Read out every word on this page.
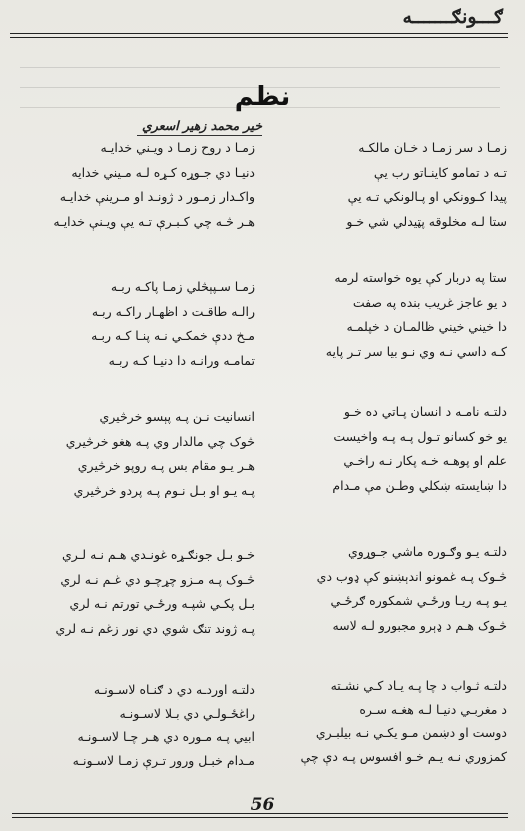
ګـــونګـــــــه
نظم
خیر محمد زهیر اسعري
زمـا د سر زمـا د خـان مالکـه
تـه د تمامو کاينـاتو رب يې
پيدا کـوونکي او پـالونکي تـه يې
ستا لـه مخلوقه پټيدلي شي خـو
ستا په دربار کې يوه خواسته لرمه
د يو عاجز غريب بنده په صفت
دا خيني خيني ظالمـان د خپلمـه
کـه داسي نـه وي نـو بيا سر تـر پايه
دلتـه نامـه د انسان پـاتي ده خـو
يو خو کسانو تـول پـه پـه واخيست
علم او پوهـه خـه پکار نـه راخـي
دا ښايسته ښکلي وطـن مې مـدام
دلتـه يـو وګـوره ماشي جـوړوي
څـوک پـه غمونو اندېښنو کې ډوب دي
يـو پـه ريـا ورځـي شمکوره ګرځـي
څـوک هـم د ډېرو مجبورو لـه لاسه
دلتـه ثـواب د چا پـه يـاد کـي نشـته
د مغربـي دنيـا لـه هغـه سـره
دوست او دښمن مـو يکـي نـه بيلبـري
کمزوري نـه يـم خـو افسوس پـه دې چې
زمـا د روح زمـا د ويـني خدايـه
دنيـا دي جـوړه کـړه لـه مـيني خدايه
واکـدار زمـور د ژونـد او مـرينې خدايـه
هـر څـه چي کـبـرې تـه يې ويـنې خدايـه
زمـا سـپېڅلي زمـا پاکـه ربـه
رالـه طاقـت د اظهـار راکـه ربـه
مـخ ددې خمکـي نـه پنـا کـه ربـه
تمامـه ورانـه دا دنيـا کـه ربـه
انسانيت نـن پـه پېسو خرڅيري
څوک چي مالدار وي پـه هغو خرڅيري
هـر يـو مقام بس پـه روپو خرڅيري
پـه يـو او بـل نـوم پـه پردو خرڅيري
خـو بـل جونګـړه غونـدي هـم نـه لـري
څـوک پـه مـزو چړچـو دي غـم نـه لري
بـل پکـي شپـه ورځـي تورتم نـه لري
پـه ژوند تنګ شوي دي نور زغم نـه لري
دلتـه اوردـه دي د ګنـاه لاسـونـه
راغځـولـي دي بـلا لاسـونـه
ابيي پـه مـوره دي هـر چـا لاسـونـه
مـدام خبـل ورور تـرې زمـا لاسـونـه
56
